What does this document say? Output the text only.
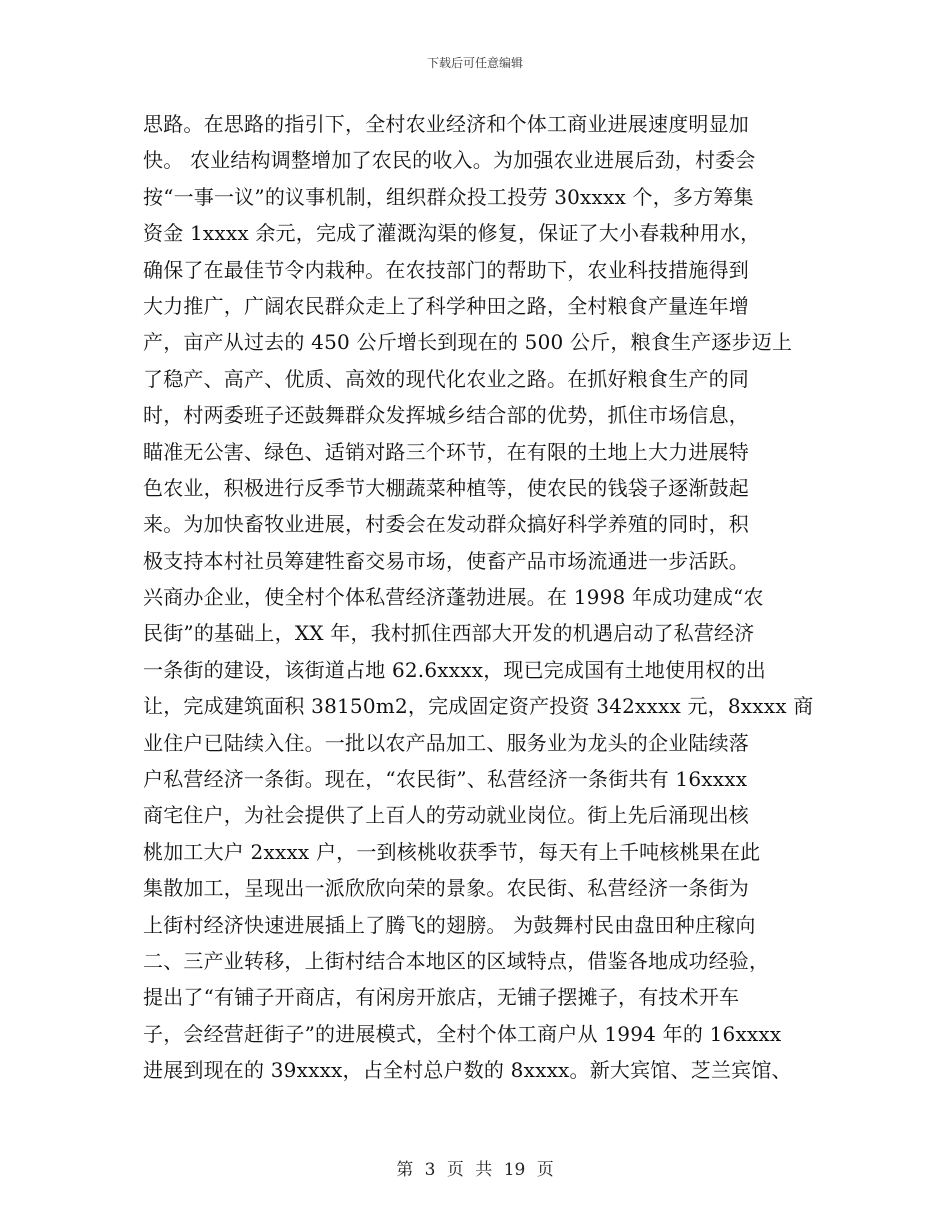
下载后可任意编辑
思路。在思路的指引下，全村农业经济和个体工商业进展速度明显加
快。 农业结构调整增加了农民的收入。为加强农业进展后劲，村委会
按“一事一议”的议事机制，组织群众投工投劳 30xxxx 个，多方筹集
资金 1xxxx 余元，完成了灌溉沟渠的修复，保证了大小春栽种用水，
确保了在最佳节令内栽种。在农技部门的帮助下，农业科技措施得到
大力推广，广阔农民群众走上了科学种田之路，全村粮食产量连年增
产，亩产从过去的 450 公斤增长到现在的 500 公斤，粮食生产逐步迈上
了稳产、高产、优质、高效的现代化农业之路。在抓好粮食生产的同
时，村两委班子还鼓舞群众发挥城乡结合部的优势，抓住市场信息，
瞄准无公害、绿色、适销对路三个环节，在有限的土地上大力进展特
色农业，积极进行反季节大棚蔬菜种植等，使农民的钱袋子逐渐鼓起
来。为加快畜牧业进展，村委会在发动群众搞好科学养殖的同时，积
极支持本村社员筹建牲畜交易市场，使畜产品市场流通进一步活跃。
兴商办企业，使全村个体私营经济蓬勃进展。在 1998 年成功建成“农
民街”的基础上，XX 年，我村抓住西部大开发的机遇启动了私营经济
一条街的建设，该街道占地 62.6xxxx，现已完成国有土地使用权的出
让，完成建筑面积 38150m2，完成固定资产投资 342xxxx 元，8xxxx 商
业住户已陆续入住。一批以农产品加工、服务业为龙头的企业陆续落
户私营经济一条街。现在，“农民街”、私营经济一条街共有 16xxxx
商宅住户，为社会提供了上百人的劳动就业岗位。街上先后涌现出核
桃加工大户 2xxxx 户，一到核桃收获季节，每天有上千吨核桃果在此
集散加工，呈现出一派欣欣向荣的景象。农民街、私营经济一条街为
上街村经济快速进展插上了腾飞的翅膀。 为鼓舞村民由盘田种庄稼向
二、三产业转移，上街村结合本地区的区域特点，借鉴各地成功经验，
提出了“有铺子开商店，有闲房开旅店，无铺子摆摊子，有技术开车
子，会经营赶街子”的进展模式，全村个体工商户从 1994 年的 16xxxx
进展到现在的 39xxxx，占全村总户数的 8xxxx。新大宾馆、芝兰宾馆、
第 3 页 共 19 页
